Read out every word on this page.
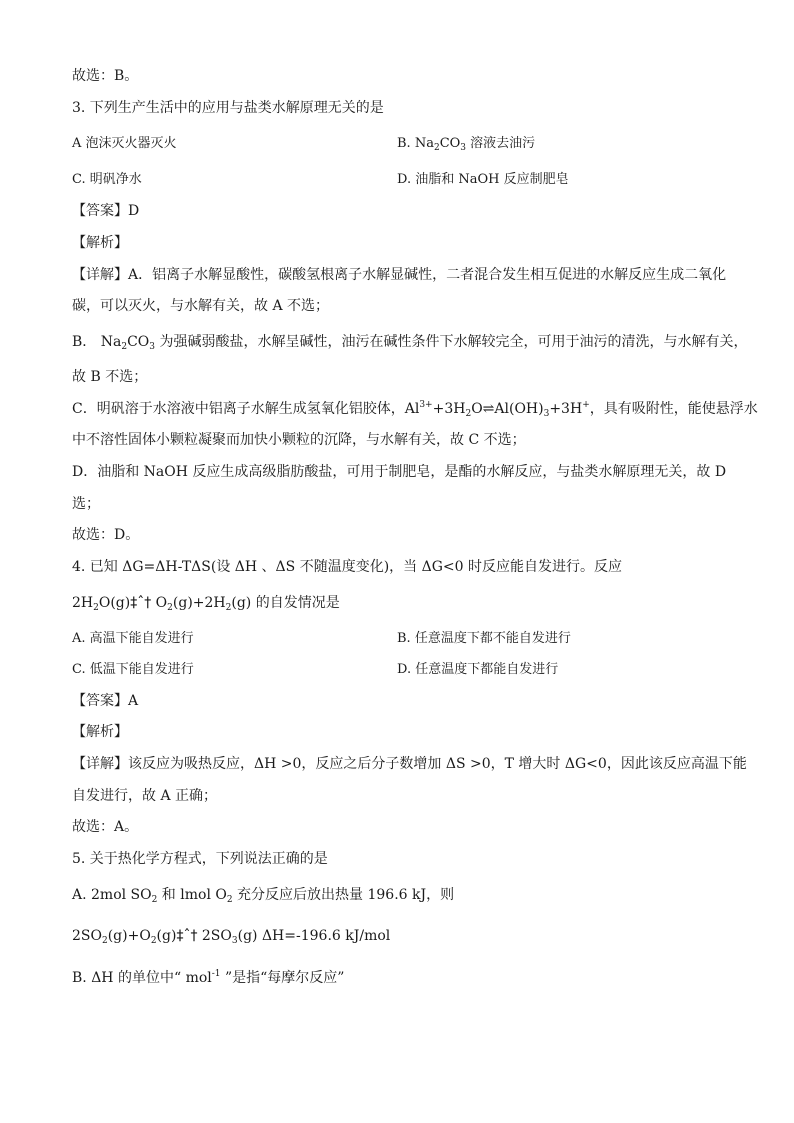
故选：B。
3. 下列生产生活中的应用与盐类水解原理无关的是
A 泡沫灭火器灭火	B. $Na_2CO_3$ 溶液去油污
C. 明矾净水	D. 油脂和 NaOH 反应制肥皂
【答案】D
【解析】
【详解】A．铝离子水解显酸性，碳酸氢根离子水解显碱性，二者混合发生相互促进的水解反应生成二氧化
碳，可以灭火，与水解有关，故 A 不选；
B． $Na_2CO_3$ 为强碱弱酸盐，水解呈碱性，油污在碱性条件下水解较完全，可用于油污的清洗，与水解有关，
故 B 不选；
C．明矾溶于水溶液中铝离子水解生成氢氧化铝胶体，$Al^{3+}+3H_2O\rightleftharpoons Al(OH)_3+3H^+$，具有吸附性，能使悬浮水
中不溶性固体小颗粒凝聚而加快小颗粒的沉降，与水解有关，故 C 不选；
D．油脂和 NaOH 反应生成高级脂肪酸盐，可用于制肥皂，是酯的水解反应，与盐类水解原理无关，故 D
选；
故选：D。
4. 已知 ΔG=ΔH-TΔS(设 ΔH 、ΔS 不随温度变化)，当 ΔG<0 时反应能自发进行。反应
$2H_2O(g)\ddagger ˆ\dagger$ $O_2(g)+2H_2(g)$ 的自发情况是
A. 高温下能自发进行	B. 任意温度下都不能自发进行
C. 低温下能自发进行	D. 任意温度下都能自发进行
【答案】A
【解析】
【详解】该反应为吸热反应，ΔH >0，反应之后分子数增加 ΔS >0，T 增大时 ΔG<0，因此该反应高温下能
自发进行，故 A 正确；
故选：A。
5. 关于热化学方程式，下列说法正确的是
A. 2mol $SO_2$ 和 lmol $O_2$ 充分反应后放出热量 196.6 kJ，则
$2SO_2(g)+O_2(g)\ddagger ˆ\dagger$ $2SO_3(g)$ ΔH=-196.6 kJ/mol
B. ΔH 的单位中“ mol$^{-1}$ ”是指“每摩尔反应”
